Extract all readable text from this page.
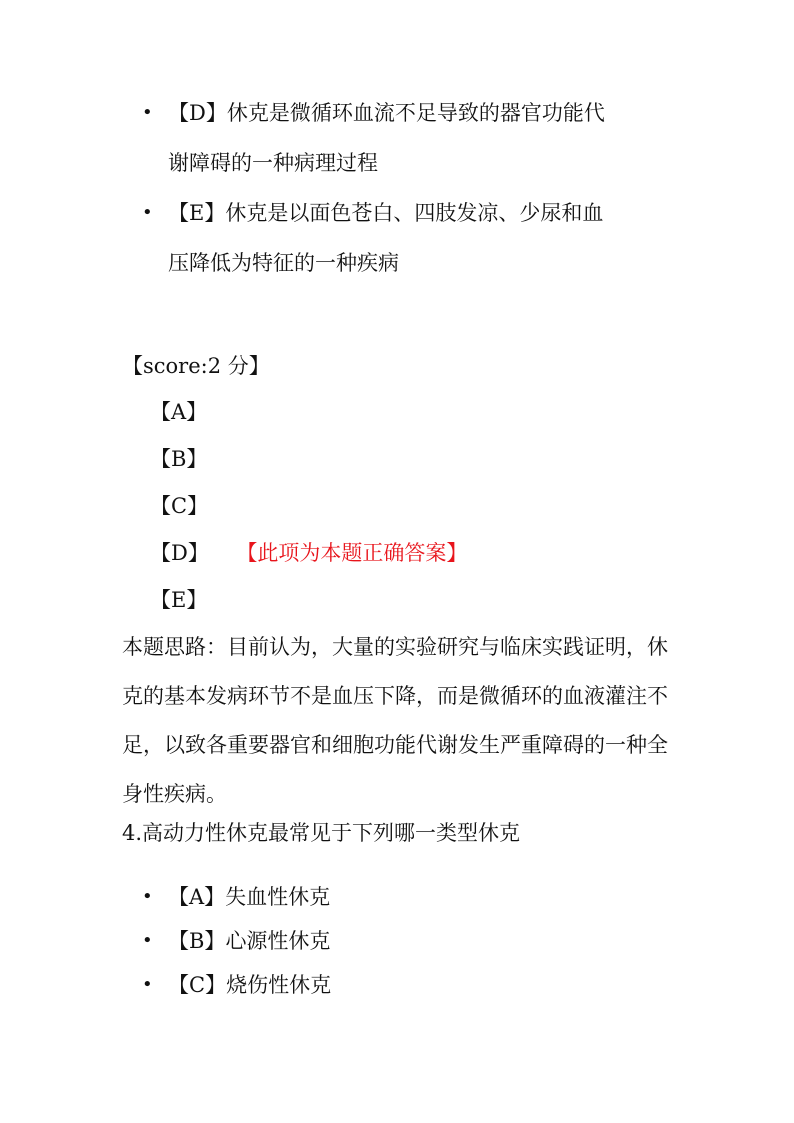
• 【D】休克是微循环血流不足导致的器官功能代
谢障碍的一种病理过程
• 【E】休克是以面色苍白、四肢发凉、少尿和血
压降低为特征的一种疾病
【score:2 分】
【A】
【B】
【C】
【D】 【此项为本题正确答案】
【E】
本题思路：目前认为，大量的实验研究与临床实践证明，休克的基本发病环节不是血压下降，而是微循环的血液灌注不足，以致各重要器官和细胞功能代谢发生严重障碍的一种全身性疾病。
4.高动力性休克最常见于下列哪一类型休克
• 【A】失血性休克
• 【B】心源性休克
• 【C】烧伤性休克
